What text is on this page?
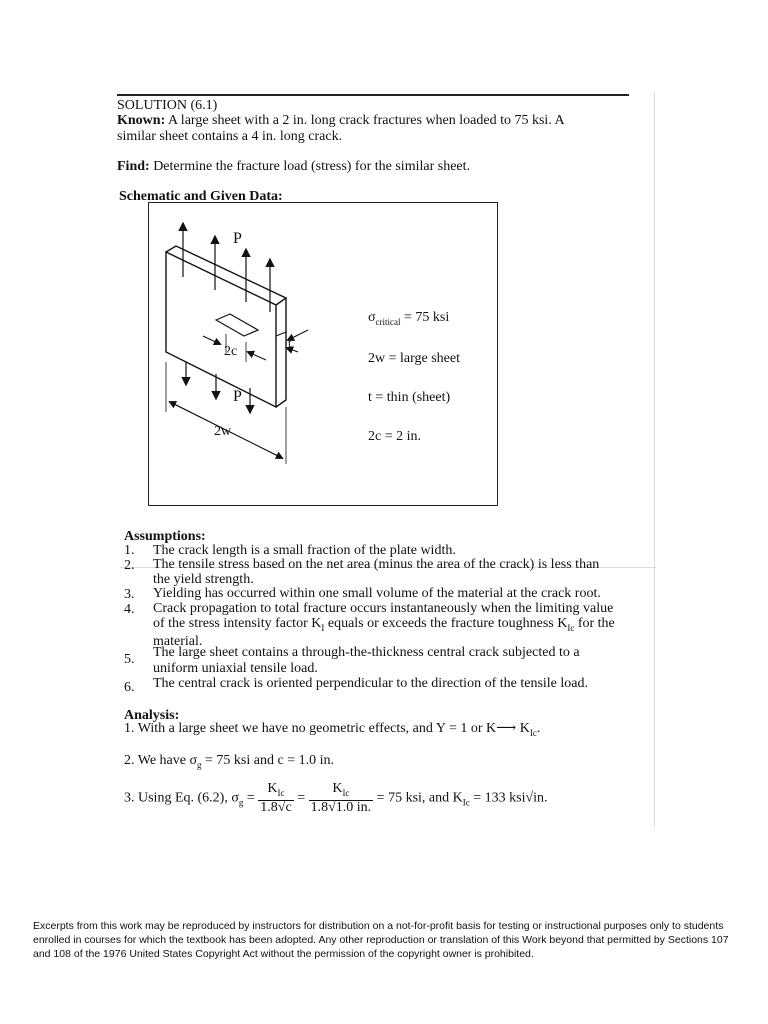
SOLUTION (6.1)
Known: A large sheet with a 2 in. long crack fractures when loaded to 75 ksi. A
similar sheet contains a 4 in. long crack.
Find: Determine the fracture load (stress) for the similar sheet.
Schematic and Given Data:
P
P
2c
t
2w
$\sigma_{critical} = 75$ ksi
2w = large sheet
t = thin (sheet)
2c = 2 in.
Assumptions:
1. The crack length is a small fraction of the plate width.
2. The tensile stress based on the net area (minus the area of the crack) is less than
the yield strength.
3. Yielding has occurred within one small volume of the material at the crack root.
4. Crack propagation to total fracture occurs instantaneously when the limiting value
of the stress intensity factor $K_I$ equals or exceeds the fracture toughness $K_{Ic}$ for the
material.
5. The large sheet contains a through-the-thickness central crack subjected to a
uniform uniaxial tensile load.
6. The central crack is oriented perpendicular to the direction of the tensile load.
Analysis:
1. With a large sheet we have no geometric effects, and Y = 1 or K⟶ $K_{Ic}$.
2. We have $\sigma_g = 75$ ksi and c = 1.0 in.
3. Using Eq. (6.2), $\sigma_g = \frac{K_{Ic}}{1.8√c} = \frac{K_{Ic}}{1.8√1.0 in.} = 75$ ksi, and $K_{Ic} = 133$ ksi√in.
Excerpts from this work may be reproduced by instructors for distribution on a not-for-profit basis for testing or instructional purposes only to students enrolled in courses for which the textbook has been adopted. Any other reproduction or translation of this Work beyond that permitted by Sections 107 and 108 of the 1976 United States Copyright Act without the permission of the copyright owner is prohibited.
